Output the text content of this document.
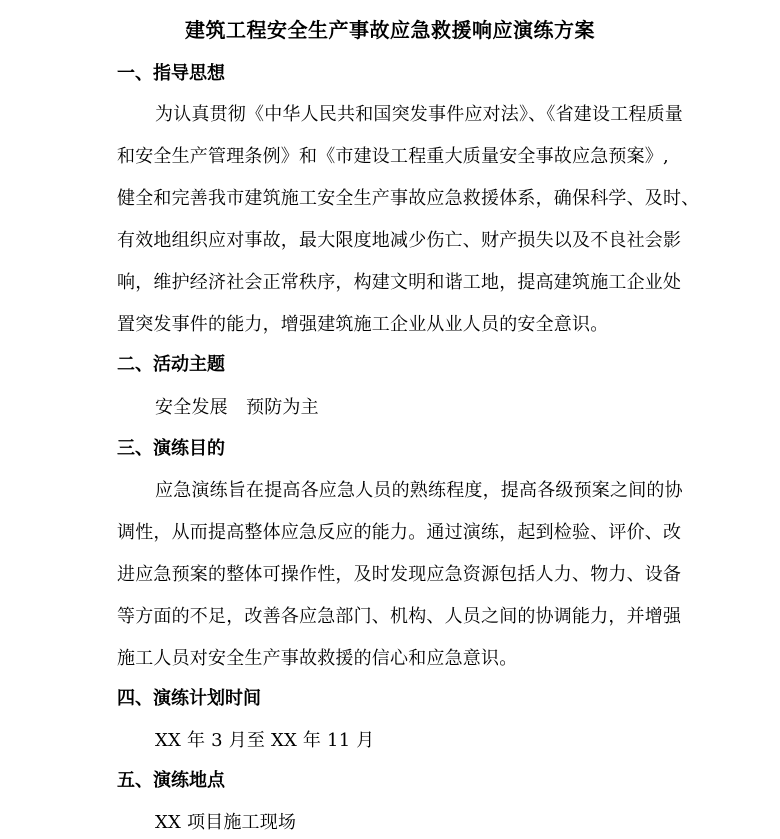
建筑工程安全生产事故应急救援响应演练方案
一、指导思想
为认真贯彻《中华人民共和国突发事件应对法》、《省建设工程质量
和安全生产管理条例》和《市建设工程重大质量安全事故应急预案》,
健全和完善我市建筑施工安全生产事故应急救援体系，确保科学、及时、
有效地组织应对事故，最大限度地减少伤亡、财产损失以及不良社会影
响，维护经济社会正常秩序，构建文明和谐工地，提高建筑施工企业处
置突发事件的能力，增强建筑施工企业从业人员的安全意识。
二、活动主题
安全发展　预防为主
三、演练目的
应急演练旨在提高各应急人员的熟练程度，提高各级预案之间的协
调性，从而提高整体应急反应的能力。通过演练，起到检验、评价、改
进应急预案的整体可操作性，及时发现应急资源包括人力、物力、设备
等方面的不足，改善各应急部门、机构、人员之间的协调能力，并增强
施工人员对安全生产事故救援的信心和应急意识。
四、演练计划时间
XX 年 3 月至 XX 年 11 月
五、演练地点
XX 项目施工现场
